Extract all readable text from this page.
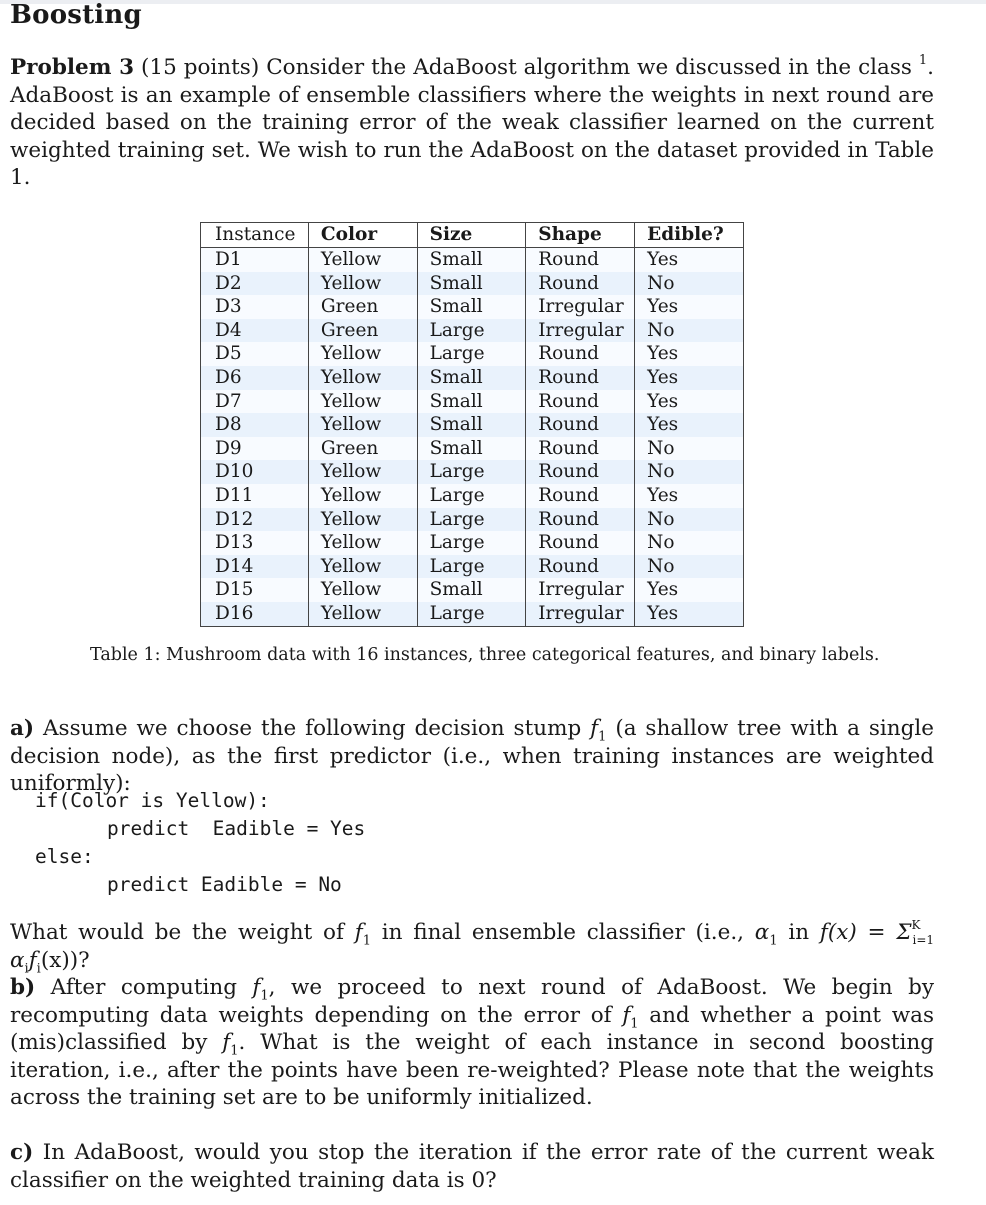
Boosting
Problem 3 (15 points) Consider the AdaBoost algorithm we discussed in the class $^1$. AdaBoost is an example of ensemble classifiers where the weights in next round are decided based on the training error of the weak classifier learned on the current weighted training set. We wish to run the AdaBoost on the dataset provided in Table 1.
Instance	Color	Size	Shape	Edible?
D1	Yellow	Small	Round	Yes
D2	Yellow	Small	Round	No
D3	Green	Small	Irregular	Yes
D4	Green	Large	Irregular	No
D5	Yellow	Large	Round	Yes
D6	Yellow	Small	Round	Yes
D7	Yellow	Small	Round	Yes
D8	Yellow	Small	Round	Yes
D9	Green	Small	Round	No
D10	Yellow	Large	Round	No
D11	Yellow	Large	Round	Yes
D12	Yellow	Large	Round	No
D13	Yellow	Large	Round	No
D14	Yellow	Large	Round	No
D15	Yellow	Small	Irregular	Yes
D16	Yellow	Large	Irregular	Yes
Table 1: Mushroom data with 16 instances, three categorical features, and binary labels.
a) Assume we choose the following decision stump $f_1$ (a shallow tree with a single decision node), as the first predictor (i.e., when training instances are weighted uniformly):
if(Color is Yellow):
predict  Eadible = Yes
else:
predict Eadible = No
What would be the weight of $f_1$ in final ensemble classifier (i.e., $\alpha_1$ in $f(x) = \Sigma^K_{i=1}$ $\alpha_if_i(x)$)?
b) After computing $f_1$, we proceed to next round of AdaBoost. We begin by recomputing data weights depending on the error of $f_1$ and whether a point was (mis)classified by $f_1$. What is the weight of each instance in second boosting iteration, i.e., after the points have been re-weighted? Please note that the weights across the training set are to be uniformly initialized.
c) In AdaBoost, would you stop the iteration if the error rate of the current weak classifier on the weighted training data is 0?
